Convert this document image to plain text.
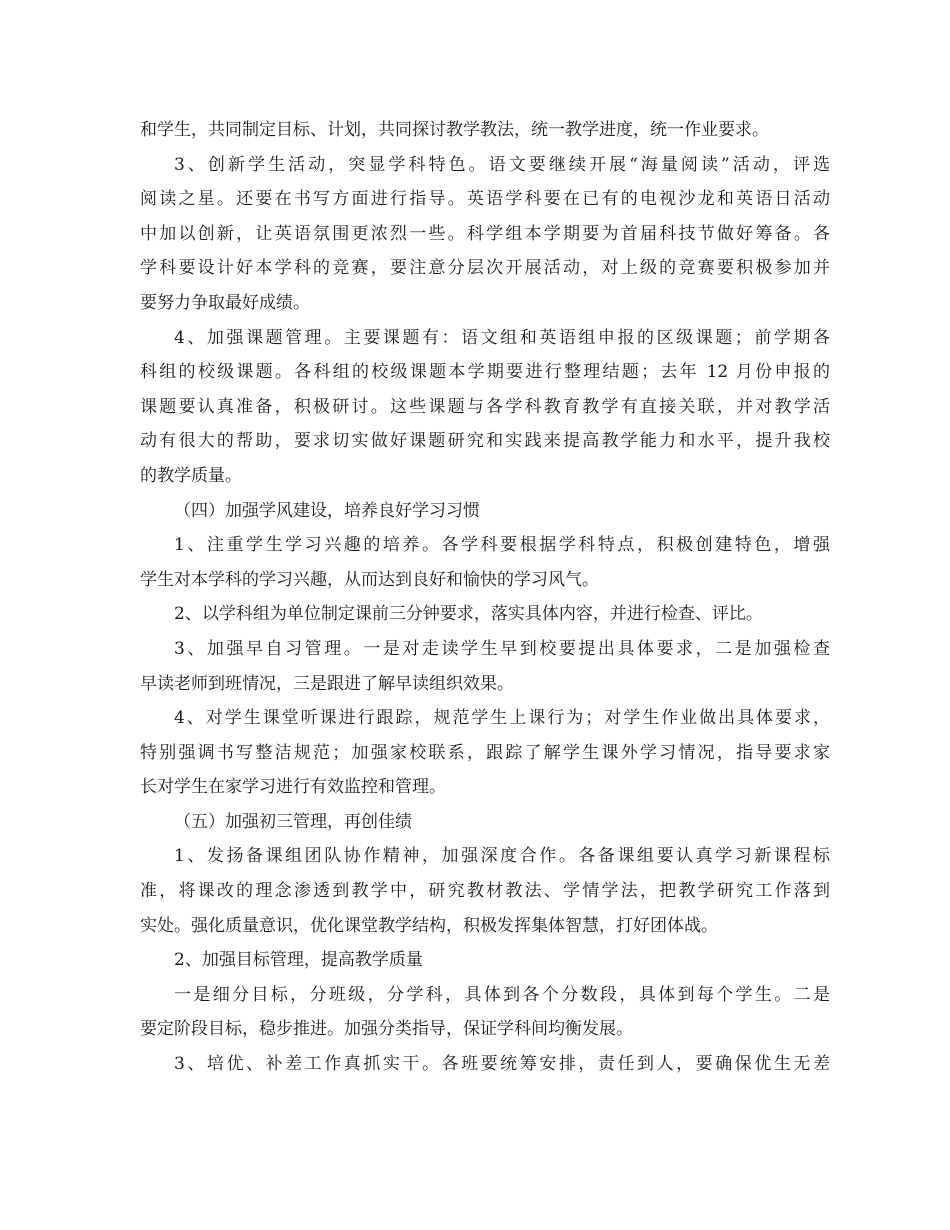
和学生，共同制定目标、计划，共同探讨教学教法，统一教学进度，统一作业要求。
3、创新学生活动，突显学科特色。语文要继续开展“海量阅读”活动，评选
阅读之星。还要在书写方面进行指导。英语学科要在已有的电视沙龙和英语日活动
中加以创新，让英语氛围更浓烈一些。科学组本学期要为首届科技节做好筹备。各
学科要设计好本学科的竞赛，要注意分层次开展活动，对上级的竞赛要积极参加并
要努力争取最好成绩。
4、加强课题管理。主要课题有：语文组和英语组申报的区级课题；前学期各
科组的校级课题。各科组的校级课题本学期要进行整理结题；去年 12 月份申报的
课题要认真准备，积极研讨。这些课题与各学科教育教学有直接关联，并对教学活
动有很大的帮助，要求切实做好课题研究和实践来提高教学能力和水平，提升我校
的教学质量。
（四）加强学风建设，培养良好学习习惯
1、注重学生学习兴趣的培养。各学科要根据学科特点，积极创建特色，增强
学生对本学科的学习兴趣，从而达到良好和愉快的学习风气。
2、以学科组为单位制定课前三分钟要求，落实具体内容，并进行检查、评比。
3、加强早自习管理。一是对走读学生早到校要提出具体要求，二是加强检查
早读老师到班情况，三是跟进了解早读组织效果。
4、对学生课堂听课进行跟踪，规范学生上课行为；对学生作业做出具体要求，
特别强调书写整洁规范；加强家校联系，跟踪了解学生课外学习情况，指导要求家
长对学生在家学习进行有效监控和管理。
（五）加强初三管理，再创佳绩
1、发扬备课组团队协作精神，加强深度合作。各备课组要认真学习新课程标
准，将课改的理念渗透到教学中，研究教材教法、学情学法，把教学研究工作落到
实处。强化质量意识，优化课堂教学结构，积极发挥集体智慧，打好团体战。
2、加强目标管理，提高教学质量
一是细分目标，分班级，分学科，具体到各个分数段，具体到每个学生。二是
要定阶段目标，稳步推进。加强分类指导，保证学科间均衡发展。
3、培优、补差工作真抓实干。各班要统筹安排，责任到人，要确保优生无差
